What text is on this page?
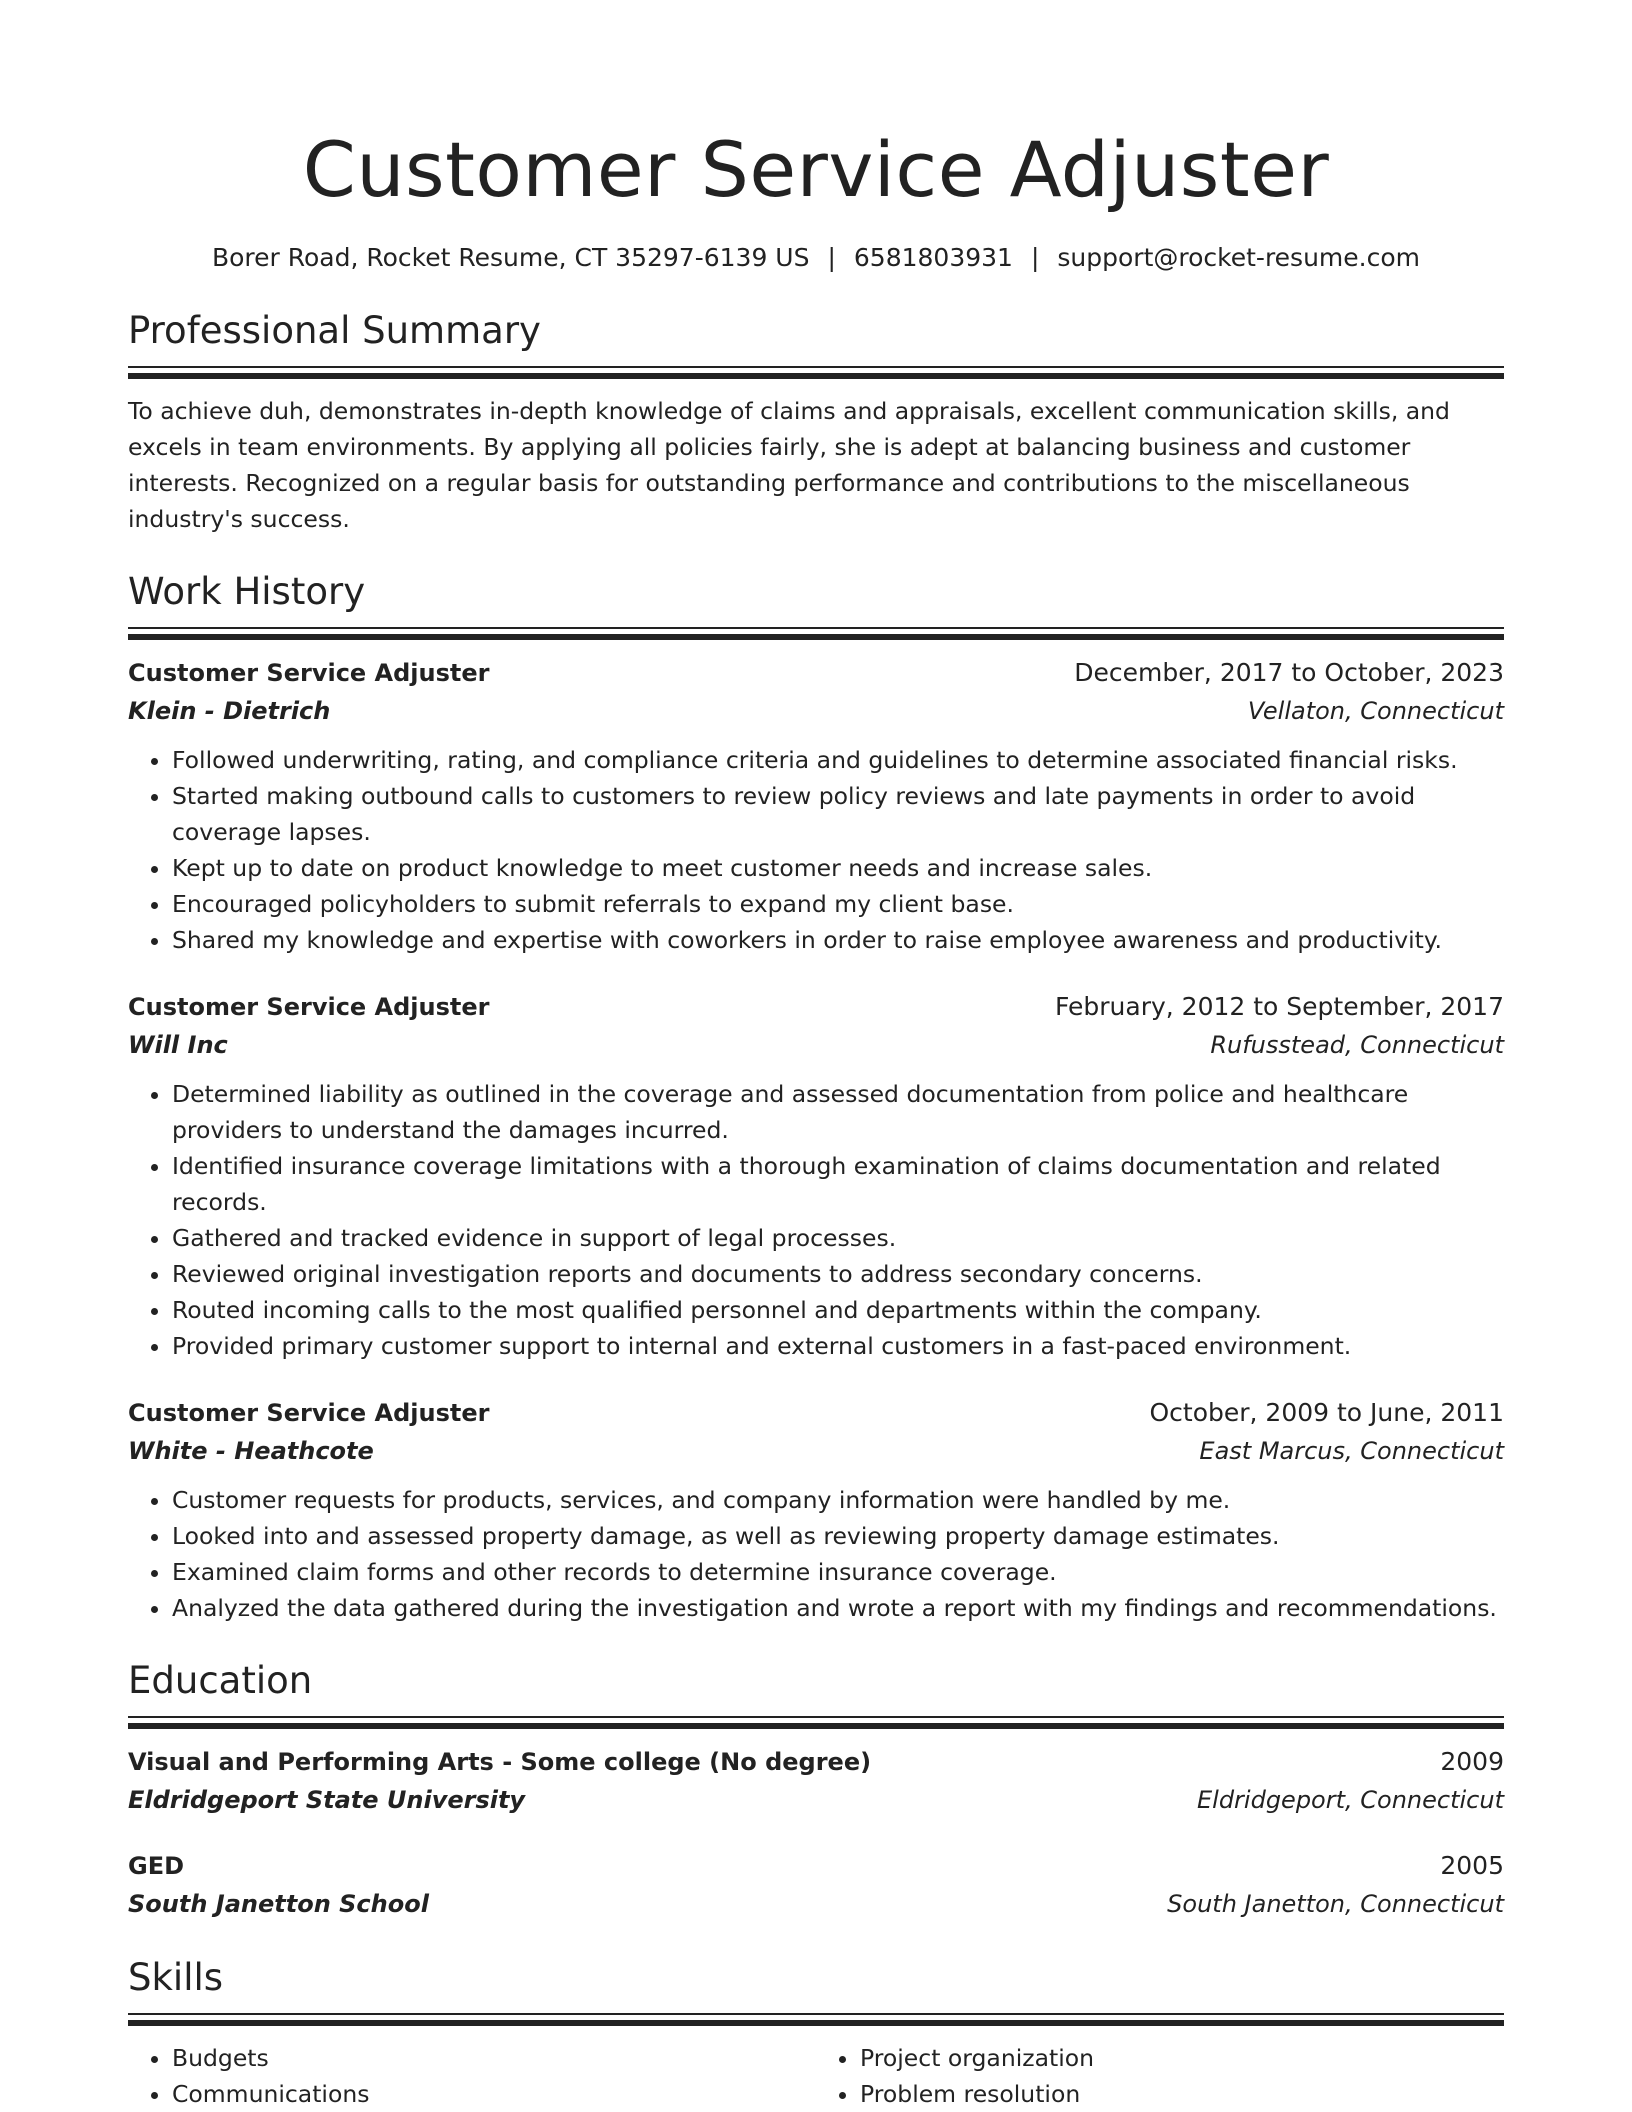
Customer Service Adjuster
Borer Road, Rocket Resume, CT 35297-6139 US | 6581803931 | support@rocket-resume.com
Professional Summary

To achieve duh, demonstrates in-depth knowledge of claims and appraisals, excellent communication skills, and excels in team environments. By applying all policies fairly, she is adept at balancing business and customer interests. Recognized on a regular basis for outstanding performance and contributions to the miscellaneous industry's success.

Work History
Customer Service Adjuster	December, 2017 to October, 2023
Klein - Dietrich	Vellaton, Connecticut
• Followed underwriting, rating, and compliance criteria and guidelines to determine associated financial risks.
• Started making outbound calls to customers to review policy reviews and late payments in order to avoid coverage lapses.
• Kept up to date on product knowledge to meet customer needs and increase sales.
• Encouraged policyholders to submit referrals to expand my client base.
• Shared my knowledge and expertise with coworkers in order to raise employee awareness and productivity.
Customer Service Adjuster	February, 2012 to September, 2017
Will Inc	Rufusstead, Connecticut
• Determined liability as outlined in the coverage and assessed documentation from police and healthcare providers to understand the damages incurred.
• Identified insurance coverage limitations with a thorough examination of claims documentation and related records.
• Gathered and tracked evidence in support of legal processes.
• Reviewed original investigation reports and documents to address secondary concerns.
• Routed incoming calls to the most qualified personnel and departments within the company.
• Provided primary customer support to internal and external customers in a fast-paced environment.
Customer Service Adjuster	October, 2009 to June, 2011
White - Heathcote	East Marcus, Connecticut
• Customer requests for products, services, and company information were handled by me.
• Looked into and assessed property damage, as well as reviewing property damage estimates.
• Examined claim forms and other records to determine insurance coverage.
• Analyzed the data gathered during the investigation and wrote a report with my findings and recommendations.
Education
Visual and Performing Arts - Some college (No degree)	2009
Eldridgeport State University	Eldridgeport, Connecticut
GED	2005
South Janetton School	South Janetton, Connecticut
Skills
• Budgets
• Communications
• Project organization
• Problem resolution
